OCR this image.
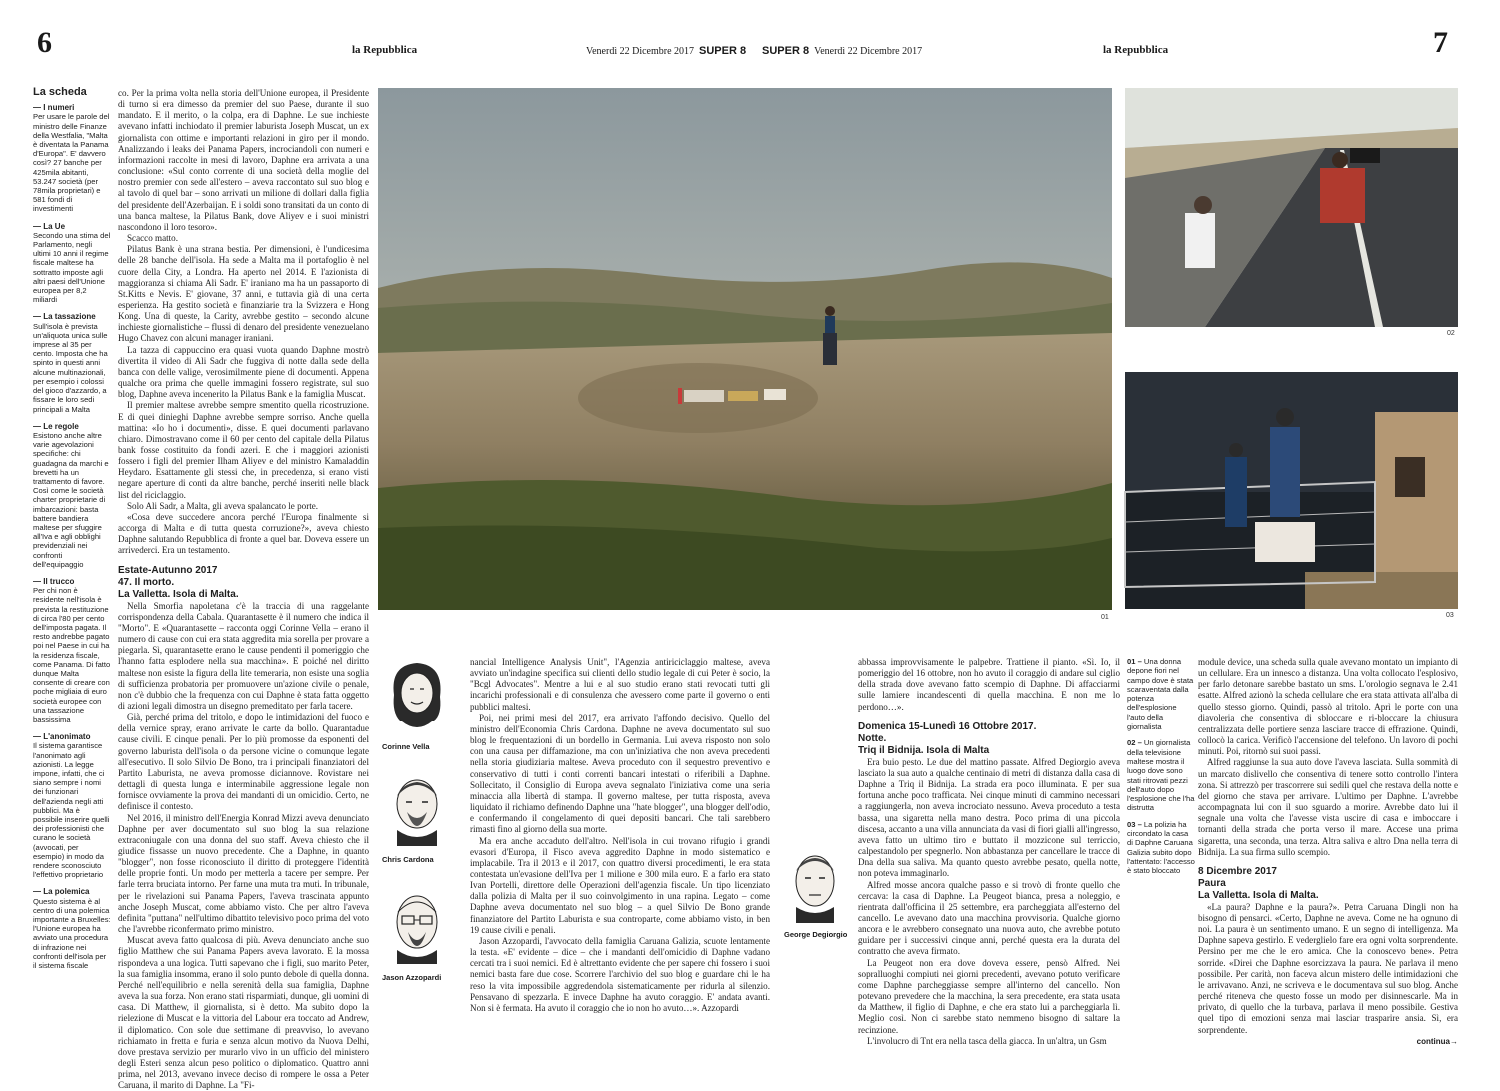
6	la Repubblica	Venerdì 22 Dicembre 2017 SUPER 8 SUPER 8 Venerdì 22 Dicembre 2017	la Repubblica	7
La scheda
— I numeri
Per usare le parole del ministro delle Finanze della Westfalia, "Malta è diventata la Panama d'Europa". E' davvero così? 27 banche per 425mila abitanti, 53.247 società (per 78mila proprietari) e 581 fondi di investimenti
— La Ue
Secondo una stima del Parlamento, negli ultimi 10 anni il regime fiscale maltese ha sottratto imposte agli altri paesi dell'Unione europea per 8,2 miliardi
— La tassazione
Sull'isola è prevista un'aliquota unica sulle imprese al 35 per cento. Imposta che ha spinto in questi anni alcune multinazionali, per esempio i colossi del gioco d'azzardo, a fissare le loro sedi principali a Malta
— Le regole
Esistono anche altre varie agevolazioni specifiche: chi guadagna da marchi e brevetti ha un trattamento di favore. Così come le società charter proprietarie di imbarcazioni: basta battere bandiera maltese per sfuggire all'Iva e agli obblighi previdenziali nei confronti dell'equipaggio
— Il trucco
Per chi non è residente nell'isola è prevista la restituzione di circa l'80 per cento dell'imposta pagata. Il resto andrebbe pagato poi nel Paese in cui ha la residenza fiscale, come Panama. Di fatto dunque Malta consente di creare con poche migliaia di euro società europee con una tassazione bassissima
— L'anonimato
Il sistema garantisce l'anonimato agli azionisti. La legge impone, infatti, che ci siano sempre i nomi dei funzionari dell'azienda negli atti pubblici. Ma è possibile inserire quelli dei professionisti che curano le società (avvocati, per esempio) in modo da rendere sconosciuto l'effettivo proprietario
— La polemica
Questo sistema è al centro di una polemica importante a Bruxelles: l'Unione europea ha avviato una procedura di infrazione nei confronti dell'isola per il sistema fiscale

co. Per la prima volta nella storia dell'Unione europea, il Presidente di turno si era dimesso da premier del suo Paese, durante il suo mandato. E il merito, o la colpa, era di Daphne. Le sue inchieste avevano infatti inchiodato il premier laburista Joseph Muscat, un ex giornalista con ottime e importanti relazioni in giro per il mondo. Analizzando i leaks dei Panama Papers, incrociandoli con numeri e informazioni raccolte in mesi di lavoro, Daphne era arrivata a una conclusione: «Sul conto corrente di una società della moglie del nostro premier con sede all'estero – aveva raccontato sul suo blog e al tavolo di quel bar – sono arrivati un milione di dollari dalla figlia del presidente dell'Azerbaijan. E i soldi sono transitati da un conto di una banca maltese, la Pilatus Bank, dove Aliyev e i suoi ministri nascondono il loro tesoro».

Scacco matto.

Pilatus Bank è una strana bestia. Per dimensioni, è l'undicesima delle 28 banche dell'isola. Ha sede a Malta ma il portafoglio è nel cuore della City, a Londra. Ha aperto nel 2014. E l'azionista di maggioranza si chiama Ali Sadr. E' iraniano ma ha un passaporto di St.Kitts e Nevis. E' giovane, 37 anni, e tuttavia già di una certa esperienza. Ha gestito società e finanziarie tra la Svizzera e Hong Kong. Una di queste, la Carity, avrebbe gestito – secondo alcune inchieste giornalistiche – flussi di denaro del presidente venezuelano Hugo Chavez con alcuni manager iraniani.

La tazza di cappuccino era quasi vuota quando Daphne mostrò divertita il video di Ali Sadr che fuggiva di notte dalla sede della banca con delle valige, verosimilmente piene di documenti. Appena qualche ora prima che quelle immagini fossero registrate, sul suo blog, Daphne aveva incenerito la Pilatus Bank e la famiglia Muscat.

Il premier maltese avrebbe sempre smentito quella ricostruzione. E di quei dinieghi Daphne avrebbe sempre sorriso. Anche quella mattina: «Io ho i documenti», disse. E quei documenti parlavano chiaro. Dimostravano come il 60 per cento del capitale della Pilatus bank fosse costituito da fondi azeri. E che i maggiori azionisti fossero i figli del premier Ilham Aliyev e del ministro Kamaladdin Heydaro. Esattamente gli stessi che, in precedenza, si erano visti negare aperture di conti da altre banche, perché inseriti nelle black list del riciclaggio.

Solo Ali Sadr, a Malta, gli aveva spalancato le porte.

«Cosa deve succedere ancora perché l'Europa finalmente si accorga di Malta e di tutta questa corruzione?», aveva chiesto Daphne salutando Repubblica di fronte a quel bar. Doveva essere un arrivederci. Era un testamento.

Estate-Autunno 2017

47. Il morto.

La Valletta. Isola di Malta.

Nella Smorfia napoletana c'è la traccia di una raggelante corrispondenza della Cabala. Quarantasette è il numero che indica il "Morto". E «Quarantasette – racconta oggi Corinne Vella – erano il numero di cause con cui era stata aggredita mia sorella per provare a piegarla. Sì, quarantasette erano le cause pendenti il pomeriggio che l'hanno fatta esplodere nella sua macchina». E poiché nel diritto maltese non esiste la figura della lite temeraria, non esiste una soglia di sufficienza probatoria per promuovere un'azione civile o penale, non c'è dubbio che la frequenza con cui Daphne è stata fatta oggetto di azioni legali dimostra un disegno premeditato per farla tacere.

Già, perché prima del tritolo, e dopo le intimidazioni del fuoco e della vernice spray, erano arrivate le carte da bollo. Quarantadue cause civili. E cinque penali. Per lo più promosse da esponenti del governo laburista dell'isola o da persone vicine o comunque legate all'esecutivo. Il solo Silvio De Bono, tra i principali finanziatori del Partito Laburista, ne aveva promosse diciannove. Rovistare nei dettagli di questa lunga e interminabile aggressione legale non fornisce ovviamente la prova dei mandanti di un omicidio. Certo, ne definisce il contesto.

Nel 2016, il ministro dell'Energia Konrad Mizzi aveva denunciato Daphne per aver documentato sul suo blog la sua relazione extraconiugale con una donna del suo staff. Aveva chiesto che il giudice fissasse un nuovo precedente. Che a Daphne, in quanto "blogger", non fosse riconosciuto il diritto di proteggere l'identità delle proprie fonti. Un modo per metterla a tacere per sempre. Per farle terra bruciata intorno. Per farne una muta tra muti. In tribunale, per le rivelazioni sui Panama Papers, l'aveva trascinata appunto anche Joseph Muscat, come abbiamo visto. Che per altro l'aveva definita "puttana" nell'ultimo dibattito televisivo poco prima del voto che l'avrebbe riconfermato primo ministro.

Muscat aveva fatto qualcosa di più. Aveva denunciato anche suo figlio Matthew che sui Panama Papers aveva lavorato. E la mossa rispondeva a una logica. Tutti sapevano che i figli, suo marito Peter, la sua famiglia insomma, erano il solo punto debole di quella donna. Perché nell'equilibrio e nella serenità della sua famiglia, Daphne aveva la sua forza. Non erano stati risparmiati, dunque, gli uomini di casa. Di Matthew, il giornalista, si è detto. Ma subito dopo la rielezione di Muscat e la vittoria del Labour era toccato ad Andrew, il diplomatico. Con sole due settimane di preavviso, lo avevano richiamato in fretta e furia e senza alcun motivo da Nuova Delhi, dove prestava servizio per murarlo vivo in un ufficio del ministero degli Esteri senza alcun peso politico o diplomatico. Quattro anni prima, nel 2013, avevano invece deciso di rompere le ossa a Peter Caruana, il marito di Daphne. La "Fi-

01
02
03
Corinne Vella
Chris Cardona
Jason Azzopardi

nancial Intelligence Analysis Unit", l'Agenzia antiriciclaggio maltese, aveva avviato un'indagine specifica sui clienti dello studio legale di cui Peter è socio, la "Bcgl Advocates". Mentre a lui e al suo studio erano stati revocati tutti gli incarichi professionali e di consulenza che avessero come parte il governo o enti pubblici maltesi.

Poi, nei primi mesi del 2017, era arrivato l'affondo decisivo. Quello del ministro dell'Economia Chris Cardona. Daphne ne aveva documentato sul suo blog le frequentazioni di un bordello in Germania. Lui aveva risposto non solo con una causa per diffamazione, ma con un'iniziativa che non aveva precedenti nella storia giudiziaria maltese. Aveva proceduto con il sequestro preventivo e conservativo di tutti i conti correnti bancari intestati o riferibili a Daphne. Sollecitato, il Consiglio di Europa aveva segnalato l'iniziativa come una seria minaccia alla libertà di stampa. Il governo maltese, per tutta risposta, aveva liquidato il richiamo definendo Daphne una "hate blogger", una blogger dell'odio, e confermando il congelamento di quei depositi bancari. Che tali sarebbero rimasti fino al giorno della sua morte.

Ma era anche accaduto dell'altro. Nell'isola in cui trovano rifugio i grandi evasori d'Europa, il Fisco aveva aggredito Daphne in modo sistematico e implacabile. Tra il 2013 e il 2017, con quattro diversi procedimenti, le era stata contestata un'evasione dell'Iva per 1 milione e 300 mila euro. E a farlo era stato Ivan Portelli, direttore delle Operazioni dell'agenzia fiscale. Un tipo licenziato dalla polizia di Malta per il suo coinvolgimento in una rapina. Legato – come Daphne aveva documentato nel suo blog – a quel Silvio De Bono grande finanziatore del Partito Laburista e sua controparte, come abbiamo visto, in ben 19 cause civili e penali.

Jason Azzopardi, l'avvocato della famiglia Caruana Galizia, scuote lentamente la testa. «E' evidente – dice – che i mandanti dell'omicidio di Daphne vadano cercati tra i suoi nemici. Ed è altrettanto evidente che per sapere chi fossero i suoi nemici basta fare due cose. Scorrere l'archivio del suo blog e guardare chi le ha reso la vita impossibile aggredendola sistematicamente per ridurla al silenzio. Pensavano di spezzarla. E invece Daphne ha avuto coraggio. E' andata avanti. Non si è fermata. Ha avuto il coraggio che io non ho avuto…». Azzopardi

George Degiorgio

abbassa improvvisamente le palpebre. Trattiene il pianto. «Sì. Io, il pomeriggio del 16 ottobre, non ho avuto il coraggio di andare sul ciglio della strada dove avevano fatto scempio di Daphne. Di affacciarmi sulle lamiere incandescenti di quella macchina. E non me lo perdono…».

Domenica 15-Lunedì 16 Ottobre 2017.

Notte.

Triq il Bidnija. Isola di Malta

Era buio pesto. Le due del mattino passate. Alfred Degiorgio aveva lasciato la sua auto a qualche centinaio di metri di distanza dalla casa di Daphne a Triq il Bidnija. La strada era poco illuminata. E per sua fortuna anche poco trafficata. Nei cinque minuti di cammino necessari a raggiungerla, non aveva incrociato nessuno. Aveva proceduto a testa bassa, una sigaretta nella mano destra. Poco prima di una piccola discesa, accanto a una villa annunciata da vasi di fiori gialli all'ingresso, aveva fatto un ultimo tiro e buttato il mozzicone sul terriccio, calpestandolo per spegnerlo. Non abbastanza per cancellare le tracce di Dna della sua saliva. Ma quanto questo avrebbe pesato, quella notte, non poteva immaginarlo.

Alfred mosse ancora qualche passo e si trovò di fronte quello che cercava: la casa di Daphne. La Peugeot bianca, presa a noleggio, e rientrata dall'officina il 25 settembre, era parcheggiata all'esterno del cancello. Le avevano dato una macchina provvisoria. Qualche giorno ancora e le avrebbero consegnato una nuova auto, che avrebbe potuto guidare per i successivi cinque anni, perché questa era la durata del contratto che aveva firmato.

La Peugeot non era dove doveva essere, pensò Alfred. Nei sopralluoghi compiuti nei giorni precedenti, avevano potuto verificare come Daphne parcheggiasse sempre all'interno del cancello. Non potevano prevedere che la macchina, la sera precedente, era stata usata da Matthew, il figlio di Daphne, e che era stato lui a parcheggiarla lì. Meglio così. Non ci sarebbe stato nemmeno bisogno di saltare la recinzione.

L'involucro di Tnt era nella tasca della giacca. In un'altra, un Gsm

01 – Una donna depone fiori nel campo dove è stata scaraventata dalla potenza dell'esplosione l'auto della giornalista

02 – Un giornalista della televisione maltese mostra il luogo dove sono stati ritrovati pezzi dell'auto dopo l'esplosione che l'ha distrutta

03 – La polizia ha circondato la casa di Daphne Caruana Galizia subito dopo l'attentato: l'accesso è stato bloccato

module device, una scheda sulla quale avevano montato un impianto di un cellulare. Era un innesco a distanza. Una volta collocato l'esplosivo, per farlo detonare sarebbe bastato un sms. L'orologio segnava le 2.41 esatte. Alfred azionò la scheda cellulare che era stata attivata all'alba di quello stesso giorno. Quindi, passò al tritolo. Aprì le porte con una diavoleria che consentiva di sbloccare e ri-bloccare la chiusura centralizzata delle portiere senza lasciare tracce di effrazione. Quindi, collocò la carica. Verificò l'accensione del telefono. Un lavoro di pochi minuti. Poi, ritornò sui suoi passi.

Alfred raggiunse la sua auto dove l'aveva lasciata. Sulla sommità di un marcato dislivello che consentiva di tenere sotto controllo l'intera zona. Si attrezzò per trascorrere sui sedili quel che restava della notte e del giorno che stava per arrivare. L'ultimo per Daphne. L'avrebbe accompagnata lui con il suo sguardo a morire. Avrebbe dato lui il segnale una volta che l'avesse vista uscire di casa e imboccare i tornanti della strada che porta verso il mare. Accese una prima sigaretta, una seconda, una terza. Altra saliva e altro Dna nella terra di Bidnija. La sua firma sullo scempio.

8 Dicembre 2017

Paura

La Valletta. Isola di Malta.

«La paura? Daphne e la paura?». Petra Caruana Dingli non ha bisogno di pensarci. «Certo, Daphne ne aveva. Come ne ha ognuno di noi. La paura è un sentimento umano. E un segno di intelligenza. Ma Daphne sapeva gestirlo. E vederglielo fare era ogni volta sorprendente. Persino per me che le ero amica. Che la conoscevo bene». Petra sorride. «Direi che Daphne esorcizzava la paura. Ne parlava il meno possibile. Per carità, non faceva alcun mistero delle intimidazioni che le arrivavano. Anzi, ne scriveva e le documentava sul suo blog. Anche perché riteneva che questo fosse un modo per disinnescarle. Ma in privato, di quello che la turbava, parlava il meno possibile. Gestiva quel tipo di emozioni senza mai lasciar trasparire ansia. Sì, era sorprendente.

continua→
